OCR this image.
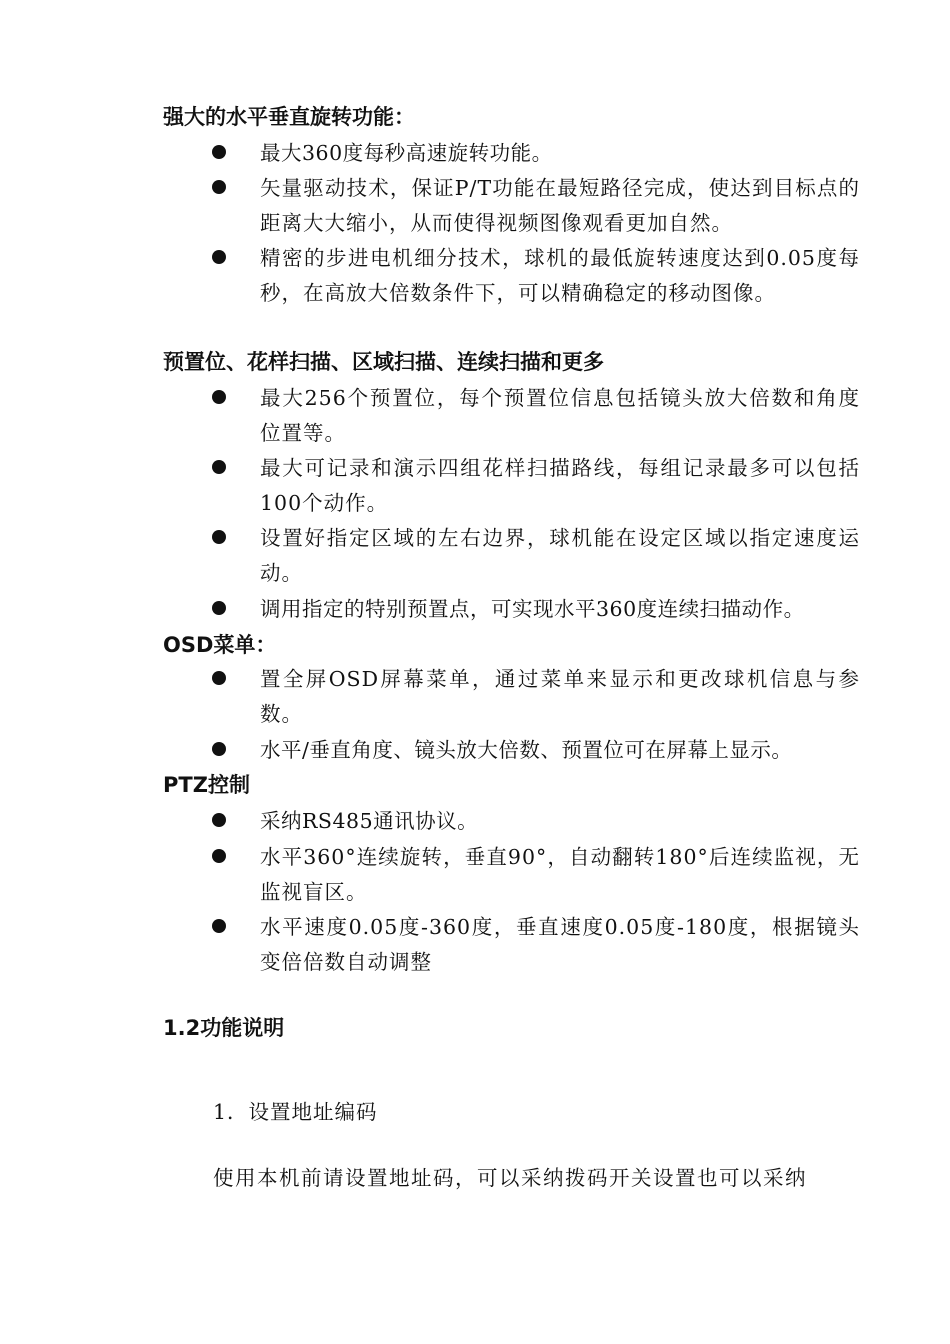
强大的水平垂直旋转功能：
最大360度每秒高速旋转功能。
矢量驱动技术，保证P/T功能在最短路径完成，使达到目标点的距离大大缩小，从而使得视频图像观看更加自然。
精密的步进电机细分技术，球机的最低旋转速度达到0.05度每秒，在高放大倍数条件下，可以精确稳定的移动图像。
预置位、花样扫描、区域扫描、连续扫描和更多
最大256个预置位，每个预置位信息包括镜头放大倍数和角度位置等。
最大可记录和演示四组花样扫描路线，每组记录最多可以包括100个动作。
设置好指定区域的左右边界，球机能在设定区域以指定速度运动。
调用指定的特别预置点，可实现水平360度连续扫描动作。
OSD菜单：
置全屏OSD屏幕菜单，通过菜单来显示和更改球机信息与参数。
水平/垂直角度、镜头放大倍数、预置位可在屏幕上显示。
PTZ控制
采纳RS485通讯协议。
水平360°连续旋转，垂直90°，自动翻转180°后连续监视，无监视盲区。
水平速度0.05度-360度，垂直速度0.05度-180度，根据镜头变倍倍数自动调整
1.2功能说明
1．设置地址编码
使用本机前请设置地址码，可以采纳拨码开关设置也可以采纳
